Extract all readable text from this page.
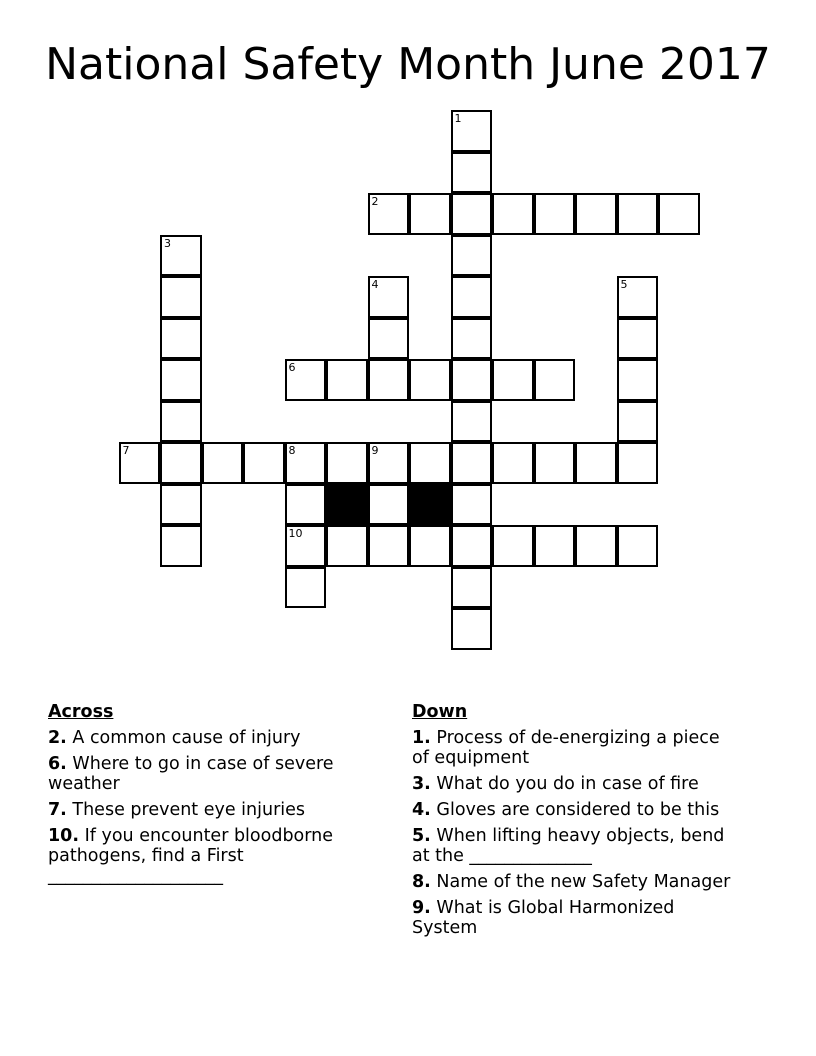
National Safety Month June 2017
1
2
3
4	5
6
7	8	9
10
Across
2. A common cause of injury
6. Where to go in case of severe weather
7. These prevent eye injuries
10. If you encounter bloodborne pathogens, find a First ____________________
Down
1. Process of de-energizing a piece of equipment
3. What do you do in case of fire
4. Gloves are considered to be this
5. When lifting heavy objects, bend at the ______________
8. Name of the new Safety Manager
9. What is Global Harmonized System
